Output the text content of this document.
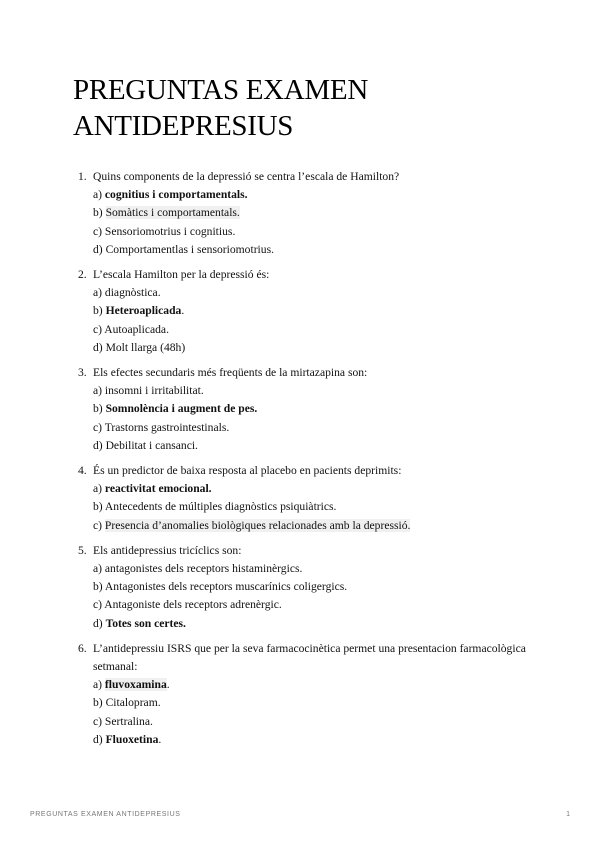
PREGUNTAS EXAMEN ANTIDEPRESIUS
1. Quins components de la depressió se centra l’escala de Hamilton?
a) cognitius i comportamentals.
b) Somàtics i comportamentals.
c) Sensoriomotrius i cognitius.
d) Comportamentlas i sensoriomotrius.
2. L’escala Hamilton per la depressió és:
a) diagnòstica.
b) Heteroaplicada.
c) Autoaplicada.
d) Molt llarga (48h)
3. Els efectes secundaris més freqüents de la mirtazapina son:
a) insomni i irritabilitat.
b) Somnolència i augment de pes.
c) Trastorns gastrointestinals.
d) Debilitat i cansanci.
4. És un predictor de baixa resposta al placebo en pacients deprimits:
a) reactivitat emocional.
b) Antecedents de múltiples diagnòstics psiquiàtrics.
c) Presencia d’anomalies biològiques relacionades amb la depressió.
5. Els antidepressius tricíclics son:
a) antagonistes dels receptors histaminèrgics.
b) Antagonistes dels receptors muscarínics coligergics.
c) Antagoniste dels receptors adrenèrgic.
d) Totes son certes.
6. L’antidepressiu ISRS que per la seva farmacocinètica permet una presentacion farmacològica setmanal:
a) fluvoxamina.
b) Citalopram.
c) Sertralina.
d) Fluoxetina.
PREGUNTAS EXAMEN ANTIDEPRESIUS	1
